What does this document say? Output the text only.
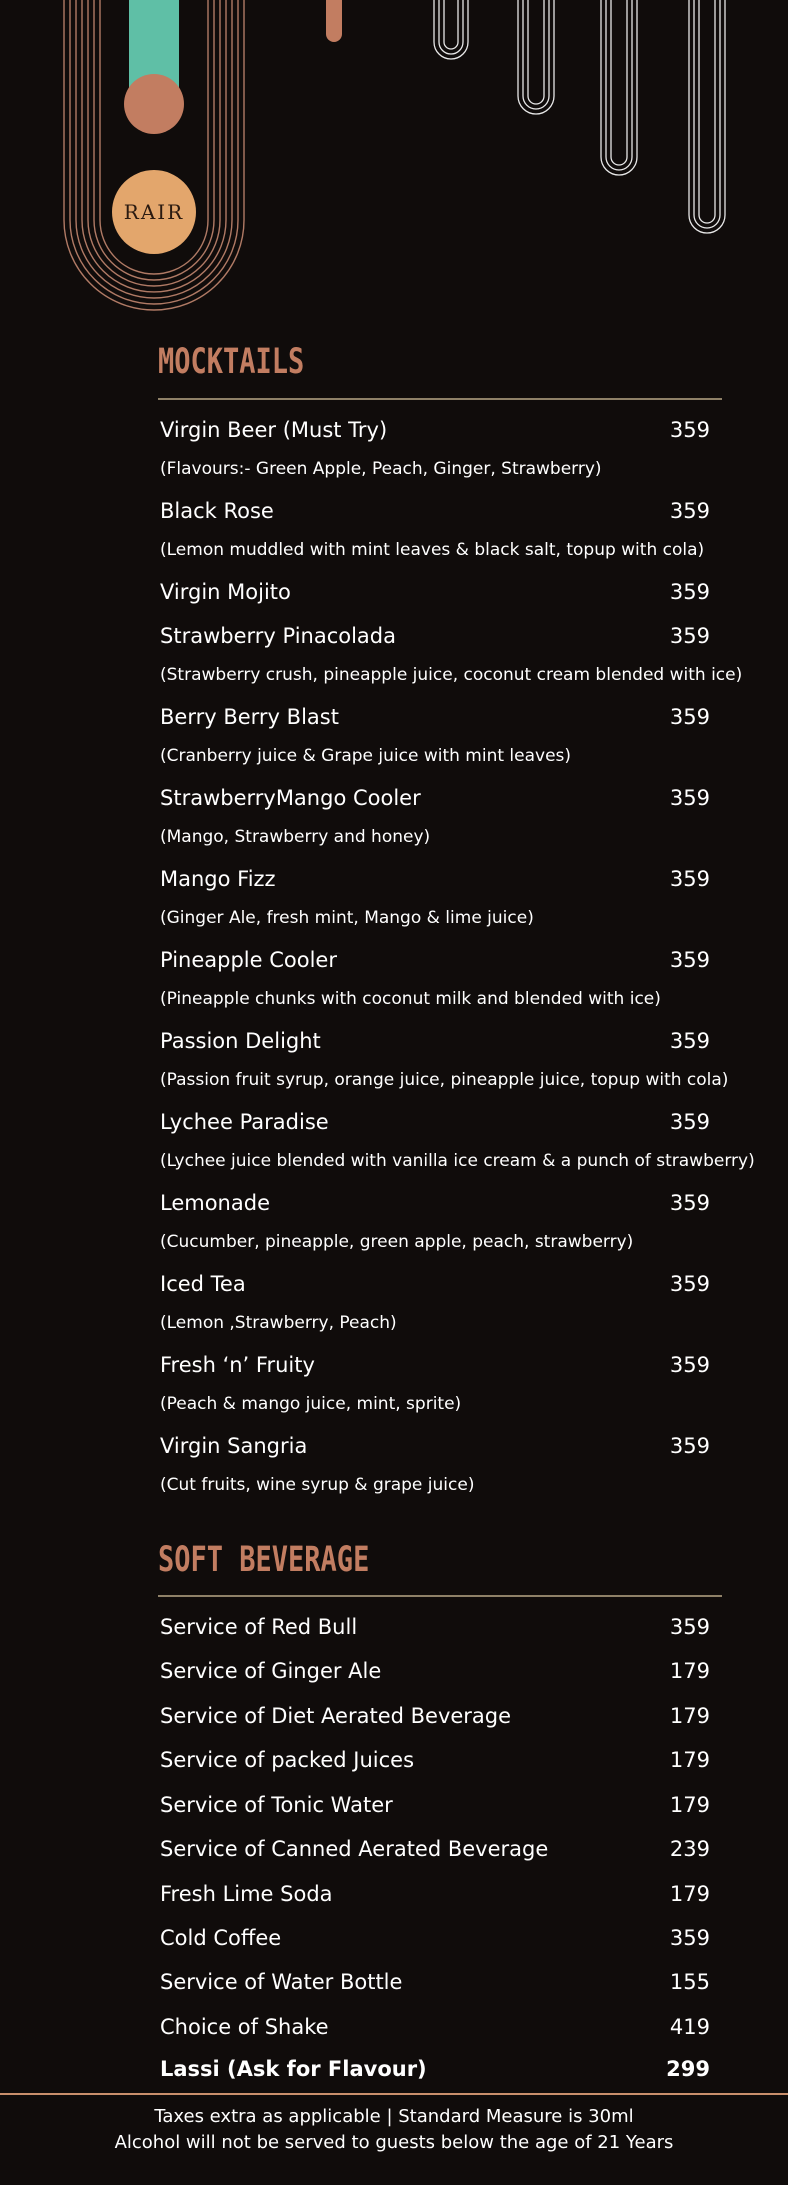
RAIR
MOCKTAILS
Virgin Beer (Must Try)	359
(Flavours:- Green Apple, Peach, Ginger, Strawberry)
Black Rose	359
(Lemon muddled with mint leaves & black salt, topup with cola)
Virgin Mojito	359
Strawberry Pinacolada	359
(Strawberry crush, pineapple juice, coconut cream blended with ice)
Berry Berry Blast	359
(Cranberry juice & Grape juice with mint leaves)
StrawberryMango Cooler	359
(Mango, Strawberry and honey)
Mango Fizz	359
(Ginger Ale, fresh mint, Mango & lime juice)
Pineapple Cooler	359
(Pineapple chunks with coconut milk and blended with ice)
Passion Delight	359
(Passion fruit syrup, orange juice, pineapple juice, topup with cola)
Lychee Paradise	359
(Lychee juice blended with vanilla ice cream & a punch of strawberry)
Lemonade	359
(Cucumber, pineapple, green apple, peach, strawberry)
Iced Tea	359
(Lemon ,Strawberry, Peach)
Fresh ‘n’ Fruity	359
(Peach & mango juice, mint, sprite)
Virgin Sangria	359
(Cut fruits, wine syrup & grape juice)
SOFT BEVERAGE
Service of Red Bull	359
Service of Ginger Ale	179
Service of Diet Aerated Beverage	179
Service of packed Juices	179
Service of Tonic Water	179
Service of Canned Aerated Beverage	239
Fresh Lime Soda	179
Cold Coffee	359
Service of Water Bottle	155
Choice of Shake	419
Lassi (Ask for Flavour)	299
Taxes extra as applicable | Standard Measure is 30ml
Alcohol will not be served to guests below the age of 21 Years
